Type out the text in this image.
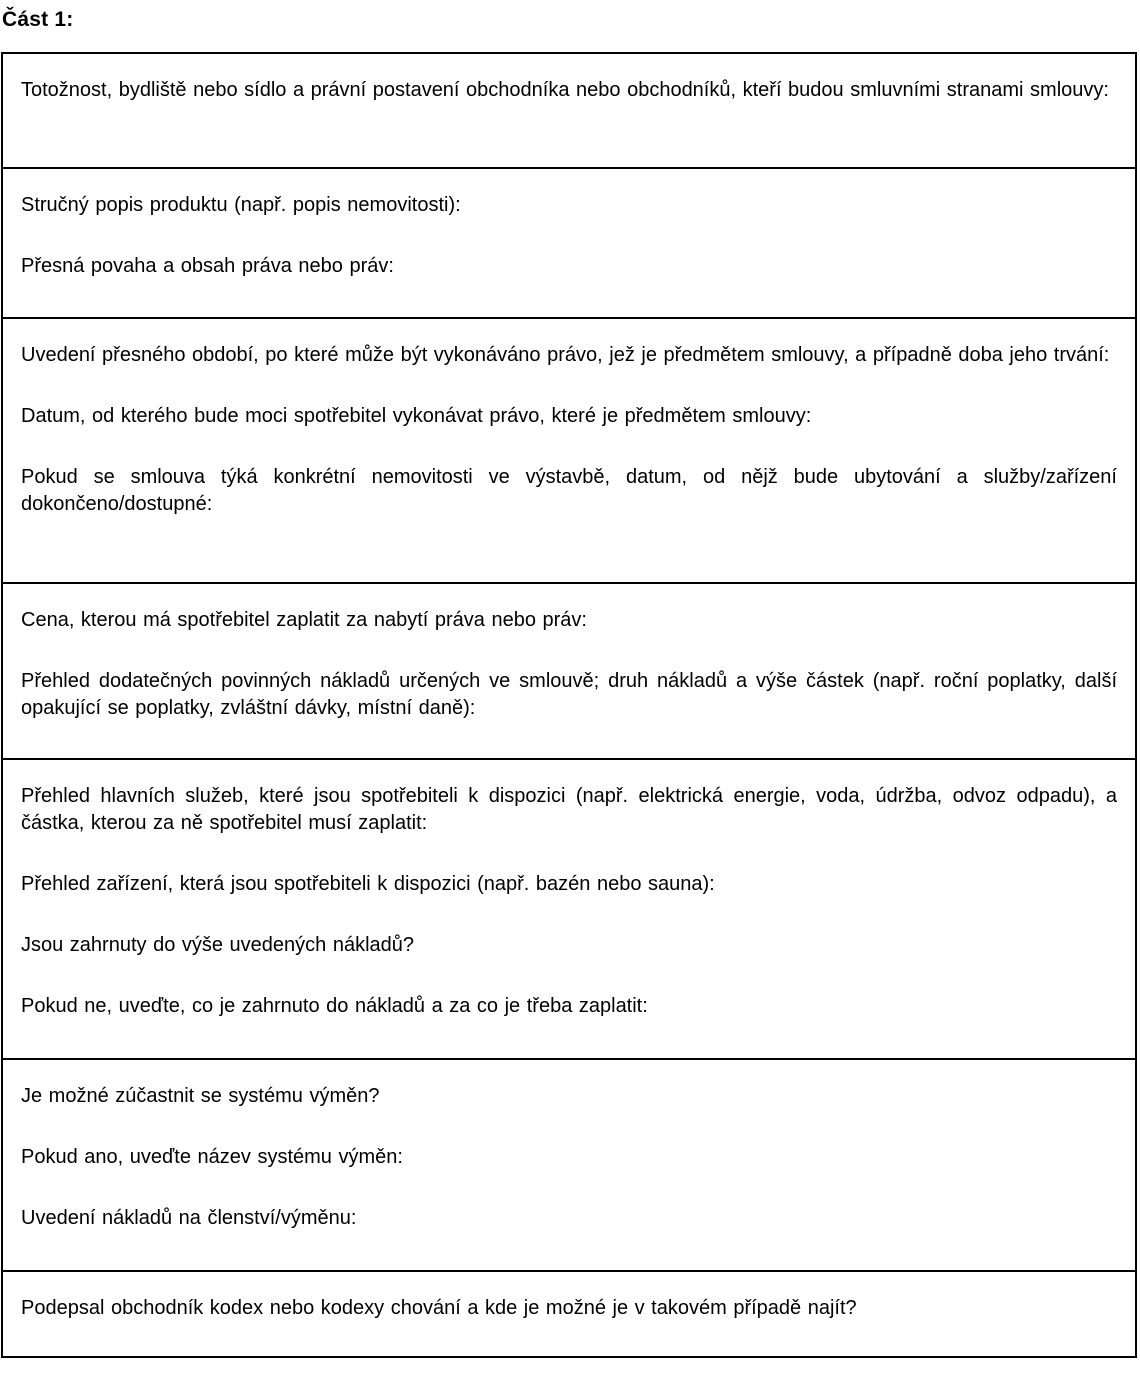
Část 1:

Totožnost, bydliště nebo sídlo a právní postavení obchodníka nebo obchodníků, kteří budou smluvními stranami smlouvy:

Stručný popis produktu (např. popis nemovitosti):

Přesná povaha a obsah práva nebo práv:

Uvedení přesného období, po které může být vykonáváno právo, jež je předmětem smlouvy, a případně doba jeho trvání:

Datum, od kterého bude moci spotřebitel vykonávat právo, které je předmětem smlouvy:

Pokud se smlouva týká konkrétní nemovitosti ve výstavbě, datum, od nějž bude ubytování a služby/zařízení dokončeno/dostupné:

Cena, kterou má spotřebitel zaplatit za nabytí práva nebo práv:

Přehled dodatečných povinných nákladů určených ve smlouvě; druh nákladů a výše částek (např. roční poplatky, další opakující se poplatky, zvláštní dávky, místní daně):

Přehled hlavních služeb, které jsou spotřebiteli k dispozici (např. elektrická energie, voda, údržba, odvoz odpadu), a částka, kterou za ně spotřebitel musí zaplatit:

Přehled zařízení, která jsou spotřebiteli k dispozici (např. bazén nebo sauna):

Jsou zahrnuty do výše uvedených nákladů?

Pokud ne, uveďte, co je zahrnuto do nákladů a za co je třeba zaplatit:

Je možné zúčastnit se systému výměn?

Pokud ano, uveďte název systému výměn:

Uvedení nákladů na členství/výměnu:

Podepsal obchodník kodex nebo kodexy chování a kde je možné je v takovém případě najít?
